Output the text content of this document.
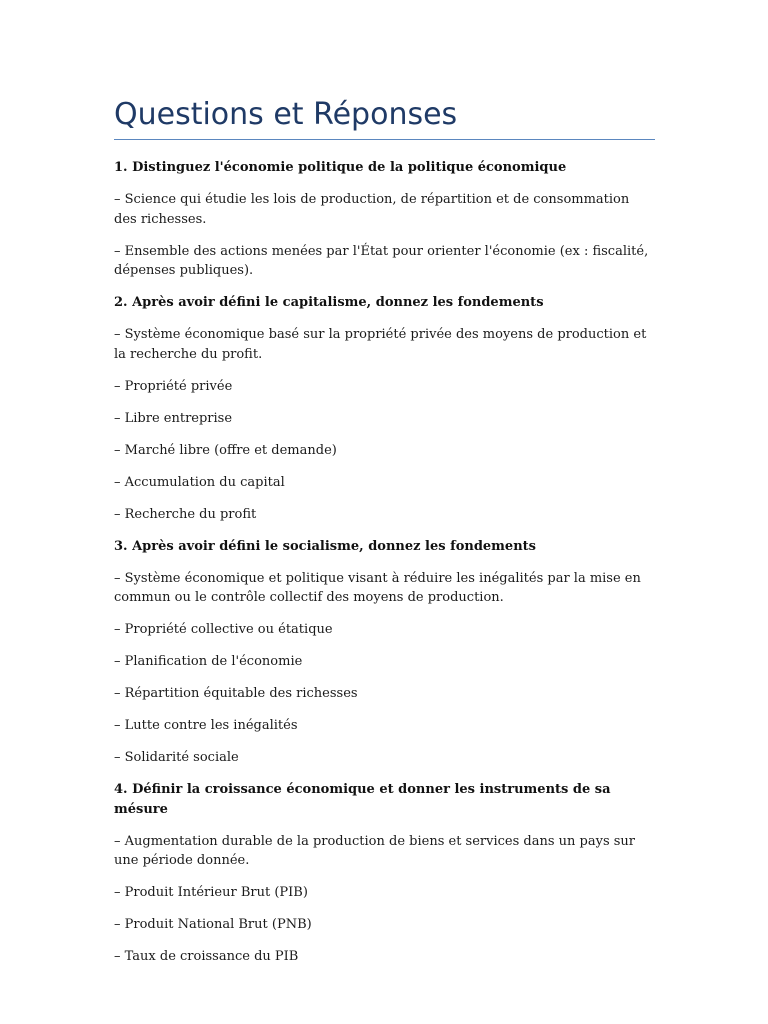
Questions et Réponses

1. Distinguez l'économie politique de la politique économique

– Science qui étudie les lois de production, de répartition et de consommation des richesses.

– Ensemble des actions menées par l'État pour orienter l'économie (ex : fiscalité, dépenses publiques).

2. Après avoir défini le capitalisme, donnez les fondements

– Système économique basé sur la propriété privée des moyens de production et la recherche du profit.

– Propriété privée

– Libre entreprise

– Marché libre (offre et demande)

– Accumulation du capital

– Recherche du profit

3. Après avoir défini le socialisme, donnez les fondements

– Système économique et politique visant à réduire les inégalités par la mise en commun ou le contrôle collectif des moyens de production.

– Propriété collective ou étatique

– Planification de l'économie

– Répartition équitable des richesses

– Lutte contre les inégalités

– Solidarité sociale

4. Définir la croissance économique et donner les instruments de sa mésure

– Augmentation durable de la production de biens et services dans un pays sur une période donnée.

– Produit Intérieur Brut (PIB)

– Produit National Brut (PNB)

– Taux de croissance du PIB
